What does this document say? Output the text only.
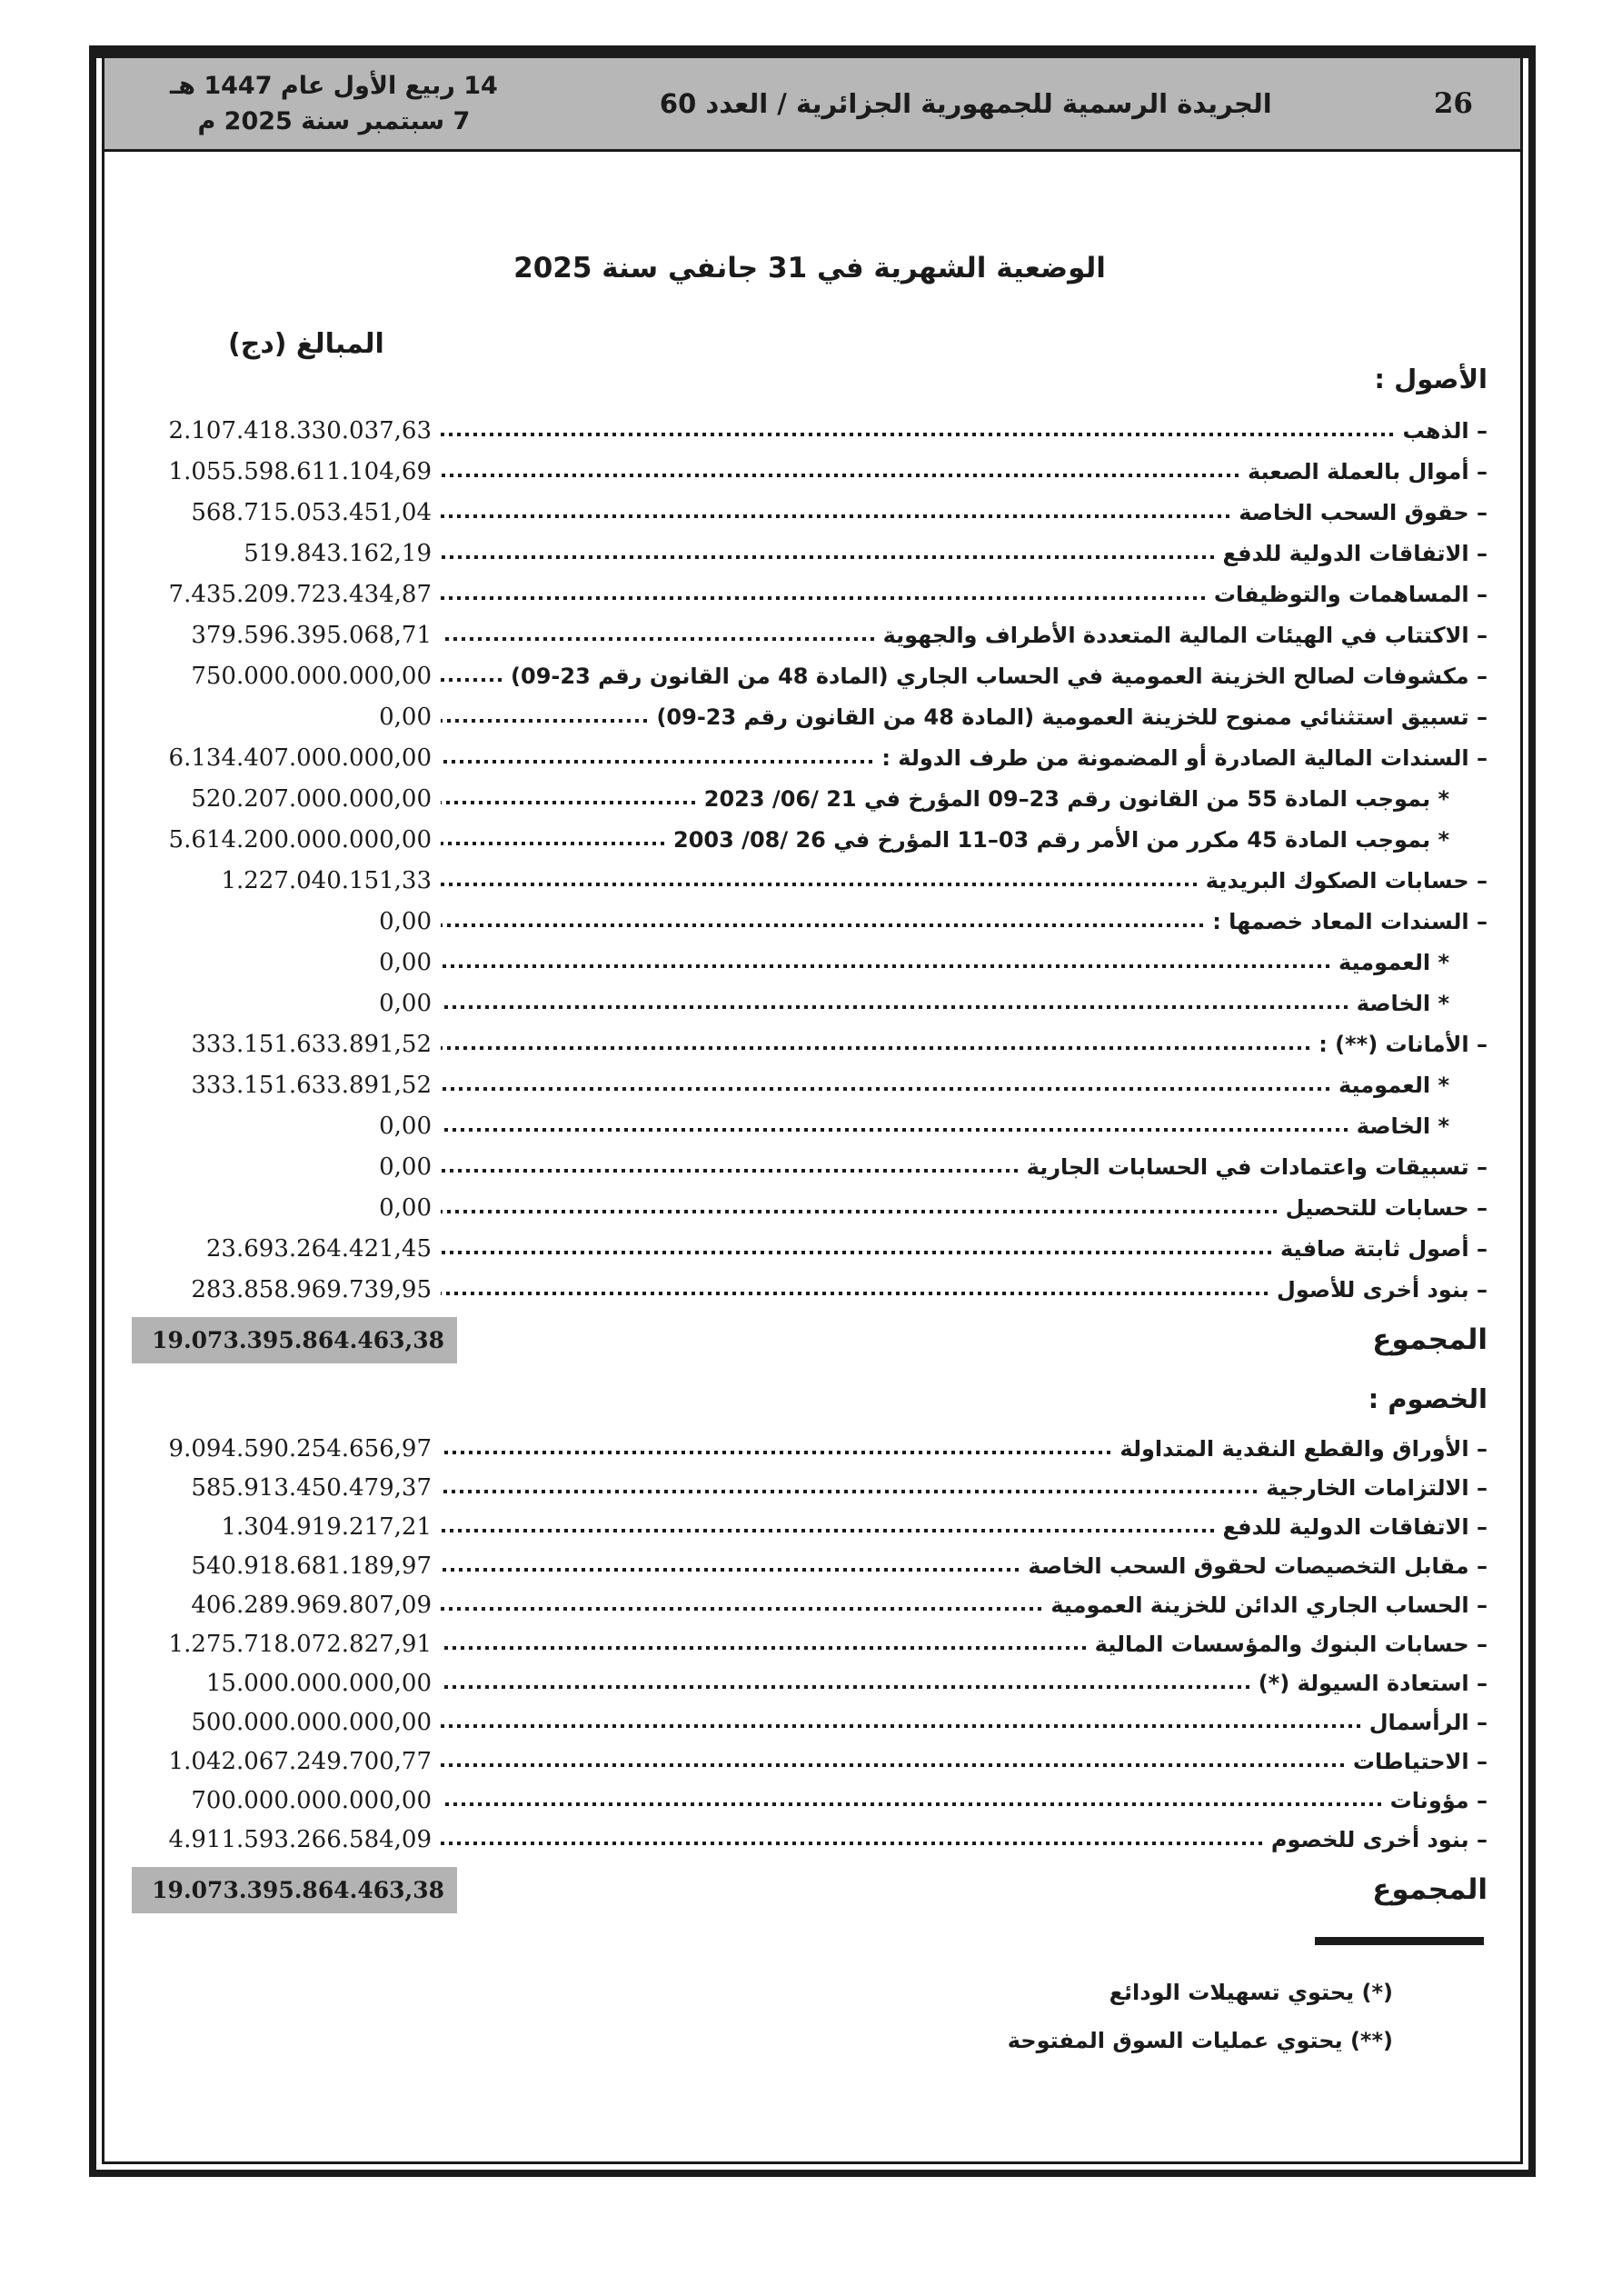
14 ربيع الأول عام 1447 هـ
7 سبتمبر سنة 2025 م
الجريدة الرسمية للجمهورية الجزائرية / العدد 60	26
الوضعية الشهرية في 31 جانفي سنة 2025
المبالغ (دج)
الأصول :
– الذهب
2.107.418.330.037,63
– أموال بالعملة الصعبة
1.055.598.611.104,69
– حقوق السحب الخاصة
568.715.053.451,04
– الاتفاقات الدولية للدفع
519.843.162,19
– المساهمات والتوظيفات
7.435.209.723.434,87
– الاكتتاب في الهيئات المالية المتعددة الأطراف والجهوية
379.596.395.068,71
– مكشوفات لصالح الخزينة العمومية في الحساب الجاري (المادة 48 من القانون رقم 23‏-‏09)
750.000.000.000,00
– تسبيق استثنائي ممنوح للخزينة العمومية (المادة 48 من القانون رقم 23‏-‏09)
0,00
– السندات المالية الصادرة أو المضمونة من طرف الدولة :
6.134.407.000.000,00
* بموجب المادة 55 من القانون رقم 23‏–‏09 المؤرخ في 21 /06/ 2023
520.207.000.000,00
* بموجب المادة 45 مكرر من الأمر رقم 03‏–‏11 المؤرخ في 26 /08/ 2003
5.614.200.000.000,00
– حسابات الصكوك البريدية
1.227.040.151,33
– السندات المعاد خصمها :
0,00
* العمومية
0,00
* الخاصة
0,00
– الأمانات (**) :
333.151.633.891,52
* العمومية
333.151.633.891,52
* الخاصة
0,00
– تسبيقات واعتمادات في الحسابات الجارية
0,00
– حسابات للتحصيل
0,00
– أصول ثابتة صافية
23.693.264.421,45
– بنود أخرى للأصول
283.858.969.739,95
المجموع
19.073.395.864.463,38
الخصوم :
– الأوراق والقطع النقدية المتداولة
9.094.590.254.656,97
– الالتزامات الخارجية
585.913.450.479,37
– الاتفاقات الدولية للدفع
1.304.919.217,21
– مقابل التخصيصات لحقوق السحب الخاصة
540.918.681.189,97
– الحساب الجاري الدائن للخزينة العمومية
406.289.969.807,09
– حسابات البنوك والمؤسسات المالية
1.275.718.072.827,91
– استعادة السيولة (*)
15.000.000.000,00
– الرأسمال
500.000.000.000,00
– الاحتياطات
1.042.067.249.700,77
– مؤونات
700.000.000.000,00
– بنود أخرى للخصوم
4.911.593.266.584,09
المجموع
19.073.395.864.463,38
(*) يحتوي تسهيلات الودائع
(**) يحتوي عمليات السوق المفتوحة
